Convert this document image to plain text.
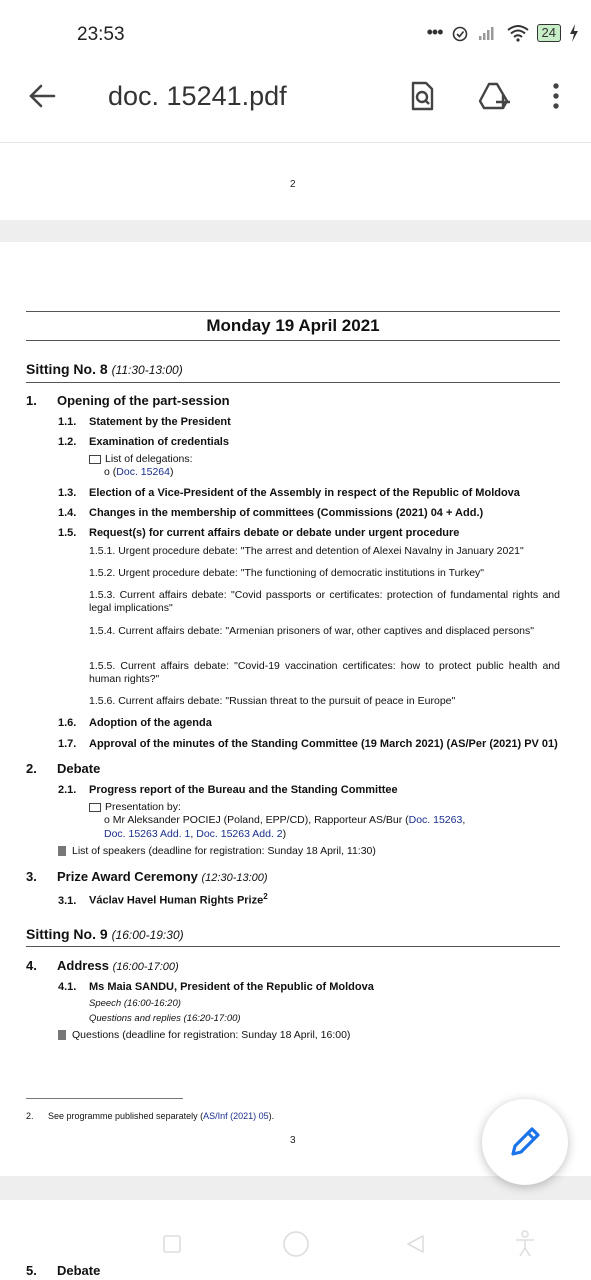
23:53	•••	24
doc. 15241.pdf
2
Monday 19 April 2021
Sitting No. 8 (11:30-13:00)
1. Opening of the part-session
1.1. Statement by the President
1.2. Examination of credentials
List of delegations:
o (Doc. 15264)
1.3. Election of a Vice-President of the Assembly in respect of the Republic of Moldova
1.4. Changes in the membership of committees (Commissions (2021) 04 + Add.)
1.5. Request(s) for current affairs debate or debate under urgent procedure
1.5.1. Urgent procedure debate: "The arrest and detention of Alexei Navalny in January 2021"
1.5.2. Urgent procedure debate: "The functioning of democratic institutions in Turkey"
1.5.3. Current affairs debate: "Covid passports or certificates: protection of fundamental rights and legal implications"
1.5.4. Current affairs debate: "Armenian prisoners of war, other captives and displaced persons"
1.5.5. Current affairs debate: "Covid-19 vaccination certificates: how to protect public health and human rights?"
1.5.6. Current affairs debate: "Russian threat to the pursuit of peace in Europe"
1.6. Adoption of the agenda
1.7. Approval of the minutes of the Standing Committee (19 March 2021) (AS/Per (2021) PV 01)
2. Debate
2.1. Progress report of the Bureau and the Standing Committee
Presentation by:
o Mr Aleksander POCIEJ (Poland, EPP/CD), Rapporteur AS/Bur (Doc. 15263,
Doc. 15263 Add. 1, Doc. 15263 Add. 2)
List of speakers (deadline for registration: Sunday 18 April, 11:30)
3. Prize Award Ceremony (12:30-13:00)
3.1. Václav Havel Human Rights Prize$^2$
Sitting No. 9 (16:00-19:30)
4. Address (16:00-17:00)
4.1. Ms Maia SANDU, President of the Republic of Moldova
Speech (16:00-16:20)
Questions and replies (16:20-17:00)
Questions (deadline for registration: Sunday 18 April, 16:00)
2. See programme published separately (AS/Inf (2021) 05).
3
5. Debate
